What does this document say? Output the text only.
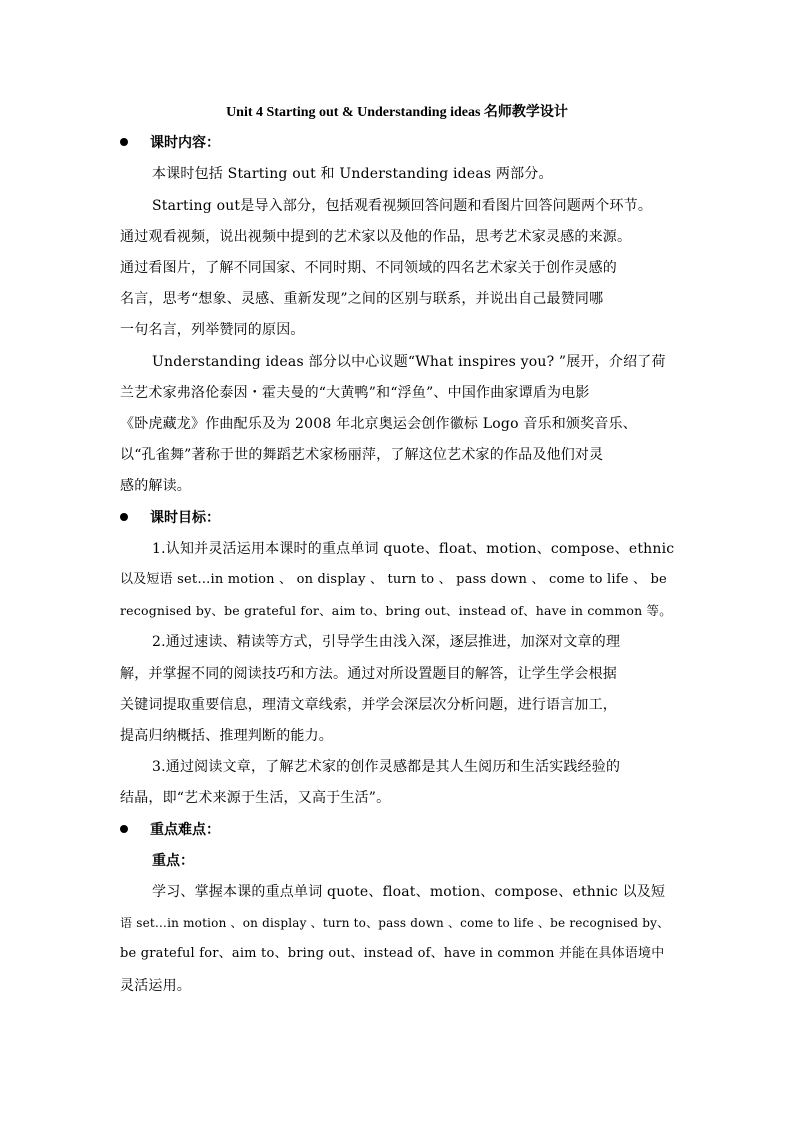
Unit 4 Starting out & Understanding ideas 名师教学设计
课时内容：
本课时包括 Starting out 和 Understanding ideas 两部分。
Starting out是导入部分，包括观看视频回答问题和看图片回答问题两个环节。
通过观看视频，说出视频中提到的艺术家以及他的作品，思考艺术家灵感的来源。
通过看图片，了解不同国家、不同时期、不同领域的四名艺术家关于创作灵感的
名言，思考“想象、灵感、重新发现”之间的区别与联系，并说出自己最赞同哪
一句名言，列举赞同的原因。
Understanding ideas 部分以中心议题“What inspires you? ”展开，介绍了荷
兰艺术家弗洛伦泰因・霍夫曼的“大黄鸭”和“浮鱼”、中国作曲家谭盾为电影
《卧虎藏龙》作曲配乐及为 2008 年北京奥运会创作徽标 Logo 音乐和颁奖音乐、
以“孔雀舞”著称于世的舞蹈艺术家杨丽萍，了解这位艺术家的作品及他们对灵
感的解读。
课时目标：
1.认知并灵活运用本课时的重点单词 quote、float、motion、compose、ethnic
以及短语 set…in motion 、 on display 、 turn to 、 pass down 、 come to life 、 be
recognised by、be grateful for、aim to、bring out、instead of、have in common 等。
2.通过速读、精读等方式，引导学生由浅入深，逐层推进，加深对文章的理
解，并掌握不同的阅读技巧和方法。通过对所设置题目的解答，让学生学会根据
关键词提取重要信息，理清文章线索，并学会深层次分析问题，进行语言加工，
提高归纳概括、推理判断的能力。
3.通过阅读文章，了解艺术家的创作灵感都是其人生阅历和生活实践经验的
结晶，即“艺术来源于生活，又高于生活”。
重点难点：
重点：
学习、掌握本课的重点单词 quote、float、motion、compose、ethnic 以及短
语 set…in motion 、on display 、turn to、pass down 、come to life 、be recognised by、
be grateful for、aim to、bring out、instead of、have in common 并能在具体语境中
灵活运用。
